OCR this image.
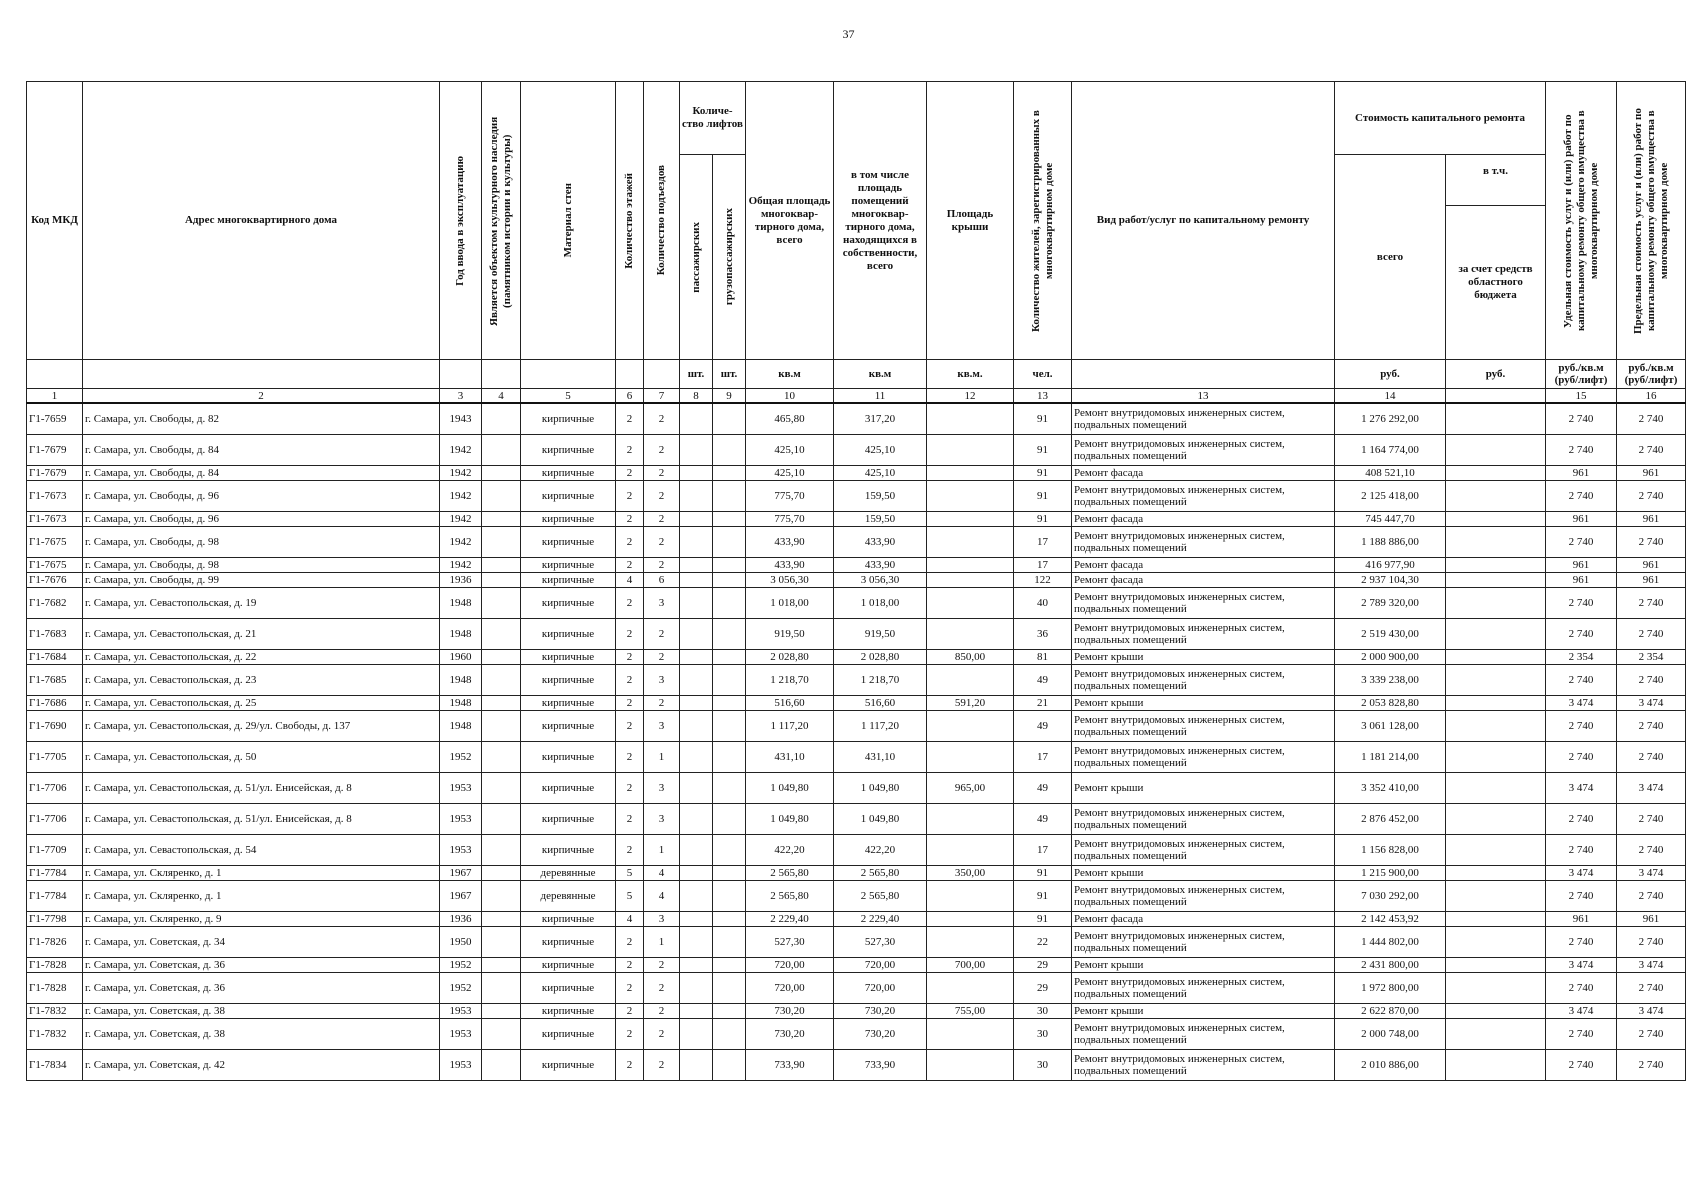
37
Код МКД	Адрес многоквартирного дома	Год ввода в эксплуатацию	Является объектом культурного наследия (памятником истории и культуры)	Материал стен	Количество этажей	Количество подъездов	Количе-ство лифтов		Общая площадь многоквар-тирного дома, всего	в том числе площадь помещений многоквар-тирного дома, находящихся в собственности, всего	Площадь крыши	Количество жителей, зарегистрированных в многоквартирном доме	Вид работ/услуг по капитальному ремонту	Стоимость капитального ремонта		Удельная стоимость услуг и (или) работ по капитальному ремонту общего имущества в многоквартирном доме	Предельная стоимость услуг и (или) работ по капитальному ремонту общего имущества в многоквартирном доме

							пассажирских	грузопассажирских						всего	в т.ч.		
															за счет средств областного бюджета		
							шт.	шт.	кв.м	кв.м	кв.м.	чел.		руб.	руб.	руб./кв.м (руб/лифт)	руб./кв.м (руб/лифт)
1	2	3	4	5	6	7	8	9	10	11	12	13	13	14		15	16
Г1-7659	г. Самара, ул. Свободы, д. 82	1943		кирпичные	2	2			465,80	317,20		91	Ремонт внутридомовых инженерных систем, подвальных помещений	1 276 292,00		2 740	2 740
Г1-7679	г. Самара, ул. Свободы, д. 84	1942		кирпичные	2	2			425,10	425,10		91	Ремонт внутридомовых инженерных систем, подвальных помещений	1 164 774,00		2 740	2 740
Г1-7679	г. Самара, ул. Свободы, д. 84	1942		кирпичные	2	2			425,10	425,10		91	Ремонт фасада	408 521,10		961	961
Г1-7673	г. Самара, ул. Свободы, д. 96	1942		кирпичные	2	2			775,70	159,50		91	Ремонт внутридомовых инженерных систем, подвальных помещений	2 125 418,00		2 740	2 740
Г1-7673	г. Самара, ул. Свободы, д. 96	1942		кирпичные	2	2			775,70	159,50		91	Ремонт фасада	745 447,70		961	961
Г1-7675	г. Самара, ул. Свободы, д. 98	1942		кирпичные	2	2			433,90	433,90		17	Ремонт внутридомовых инженерных систем, подвальных помещений	1 188 886,00		2 740	2 740
Г1-7675	г. Самара, ул. Свободы, д. 98	1942		кирпичные	2	2			433,90	433,90		17	Ремонт фасада	416 977,90		961	961
Г1-7676	г. Самара, ул. Свободы, д. 99	1936		кирпичные	4	6			3 056,30	3 056,30		122	Ремонт фасада	2 937 104,30		961	961
Г1-7682	г. Самара, ул. Севастопольская, д. 19	1948		кирпичные	2	3			1 018,00	1 018,00		40	Ремонт внутридомовых инженерных систем, подвальных помещений	2 789 320,00		2 740	2 740
Г1-7683	г. Самара, ул. Севастопольская, д. 21	1948		кирпичные	2	2			919,50	919,50		36	Ремонт внутридомовых инженерных систем, подвальных помещений	2 519 430,00		2 740	2 740
Г1-7684	г. Самара, ул. Севастопольская, д. 22	1960		кирпичные	2	2			2 028,80	2 028,80	850,00	81	Ремонт крыши	2 000 900,00		2 354	2 354
Г1-7685	г. Самара, ул. Севастопольская, д. 23	1948		кирпичные	2	3			1 218,70	1 218,70		49	Ремонт внутридомовых инженерных систем, подвальных помещений	3 339 238,00		2 740	2 740
Г1-7686	г. Самара, ул. Севастопольская, д. 25	1948		кирпичные	2	2			516,60	516,60	591,20	21	Ремонт крыши	2 053 828,80		3 474	3 474
Г1-7690	г. Самара, ул. Севастопольская, д. 29/ул. Свободы, д. 137	1948		кирпичные	2	3			1 117,20	1 117,20		49	Ремонт внутридомовых инженерных систем, подвальных помещений	3 061 128,00		2 740	2 740
Г1-7705	г. Самара, ул. Севастопольская, д. 50	1952		кирпичные	2	1			431,10	431,10		17	Ремонт внутридомовых инженерных систем, подвальных помещений	1 181 214,00		2 740	2 740
Г1-7706	г. Самара, ул. Севастопольская, д. 51/ул. Енисейская, д. 8	1953		кирпичные	2	3			1 049,80	1 049,80	965,00	49	Ремонт крыши	3 352 410,00		3 474	3 474
Г1-7706	г. Самара, ул. Севастопольская, д. 51/ул. Енисейская, д. 8	1953		кирпичные	2	3			1 049,80	1 049,80		49	Ремонт внутридомовых инженерных систем, подвальных помещений	2 876 452,00		2 740	2 740
Г1-7709	г. Самара, ул. Севастопольская, д. 54	1953		кирпичные	2	1			422,20	422,20		17	Ремонт внутридомовых инженерных систем, подвальных помещений	1 156 828,00		2 740	2 740
Г1-7784	г. Самара, ул. Скляренко, д. 1	1967		деревянные	5	4			2 565,80	2 565,80	350,00	91	Ремонт крыши	1 215 900,00		3 474	3 474
Г1-7784	г. Самара, ул. Скляренко, д. 1	1967		деревянные	5	4			2 565,80	2 565,80		91	Ремонт внутридомовых инженерных систем, подвальных помещений	7 030 292,00		2 740	2 740
Г1-7798	г. Самара, ул. Скляренко, д. 9	1936		кирпичные	4	3			2 229,40	2 229,40		91	Ремонт фасада	2 142 453,92		961	961
Г1-7826	г. Самара, ул. Советская, д. 34	1950		кирпичные	2	1			527,30	527,30		22	Ремонт внутридомовых инженерных систем, подвальных помещений	1 444 802,00		2 740	2 740
Г1-7828	г. Самара, ул. Советская, д. 36	1952		кирпичные	2	2			720,00	720,00	700,00	29	Ремонт крыши	2 431 800,00		3 474	3 474
Г1-7828	г. Самара, ул. Советская, д. 36	1952		кирпичные	2	2			720,00	720,00		29	Ремонт внутридомовых инженерных систем, подвальных помещений	1 972 800,00		2 740	2 740
Г1-7832	г. Самара, ул. Советская, д. 38	1953		кирпичные	2	2			730,20	730,20	755,00	30	Ремонт крыши	2 622 870,00		3 474	3 474
Г1-7832	г. Самара, ул. Советская, д. 38	1953		кирпичные	2	2			730,20	730,20		30	Ремонт внутридомовых инженерных систем, подвальных помещений	2 000 748,00		2 740	2 740
Г1-7834	г. Самара, ул. Советская, д. 42	1953		кирпичные	2	2			733,90	733,90		30	Ремонт внутридомовых инженерных систем, подвальных помещений	2 010 886,00		2 740	2 740
